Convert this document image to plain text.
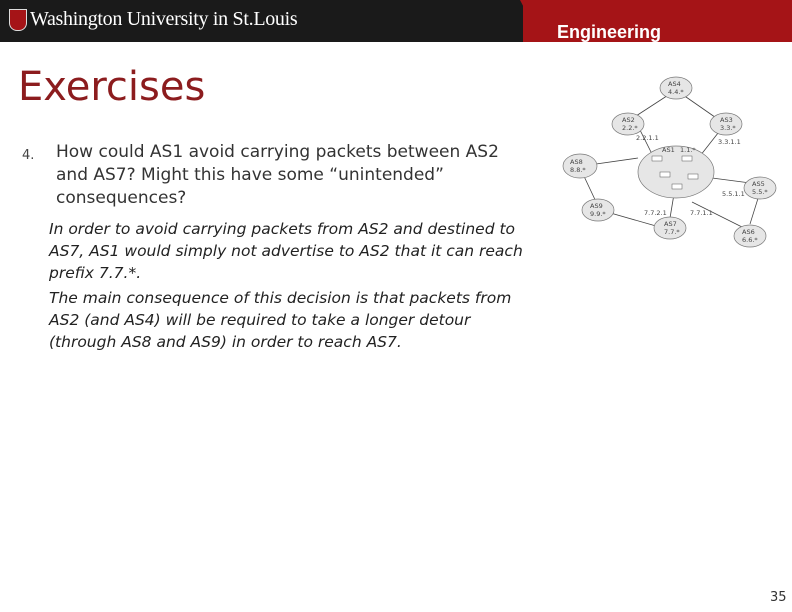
Washington University in St.Louis
Engineering
Exercises
4. How could AS1 avoid carrying packets between AS2 and AS7? Might this have some “unintended” consequences?
In order to avoid carrying packets from AS2 and destined to AS7, AS1 would simply not advertise to AS2 that it can reach prefix 7.7.*.
The main consequence of this decision is that packets from AS2 (and AS4) will be required to take a longer detour (through AS8 and AS9) in order to reach AS7.
AS4
4.4.*
AS2
2.2.*
AS3
3.3.*
AS1 1.1.*
AS8
8.8.*
AS5
5.5.*
AS9
9.9.*
AS7
7.7.*	AS6
6.6.*
2.2.1.1	3.3.1.1
5.5.1.1
7.7.2.1	7.7.1.1
35
